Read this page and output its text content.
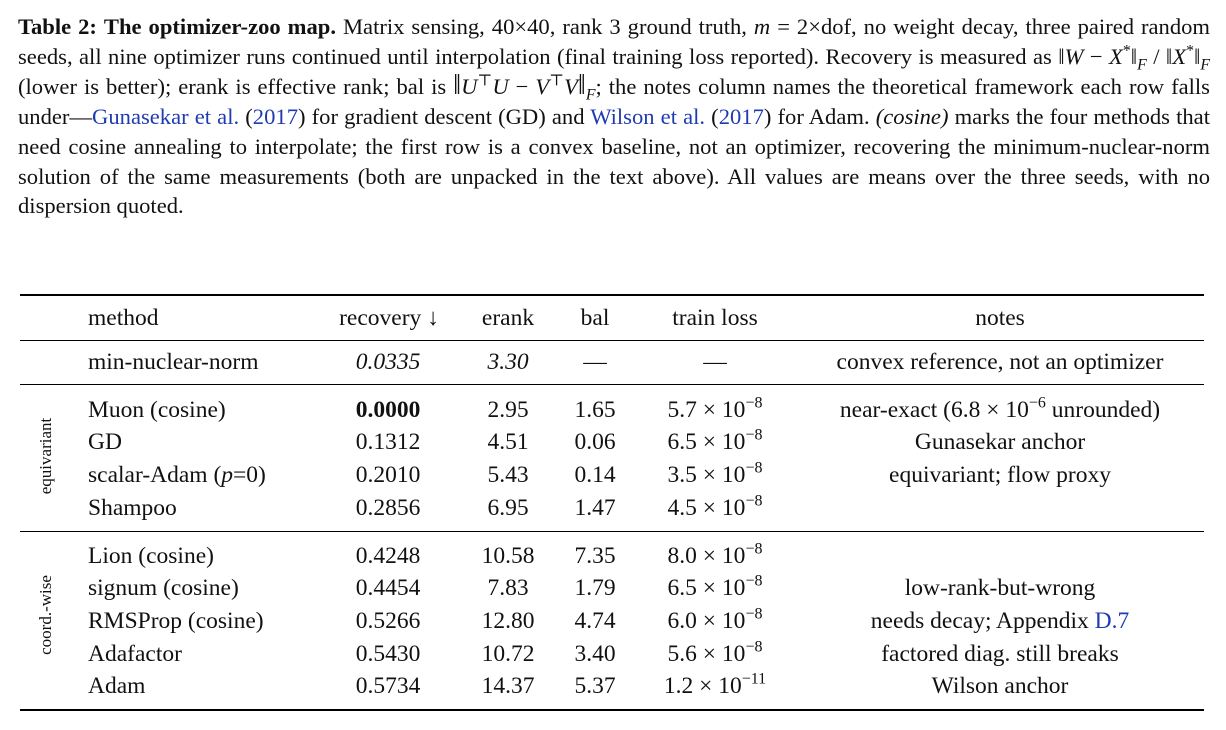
Table 2: The optimizer-zoo map. Matrix sensing, 40×40, rank 3 ground truth, m = 2×dof, no weight decay, three paired random seeds, all nine optimizer runs continued until interpolation (final training loss reported). Recovery is measured as ‖W − $X^*‖_F$ / $‖X^*‖_F$ (lower is better); erank is effective rank; bal is ‖U⊤U − $V^⊤V‖_F$; the notes column names the theoretical framework each row falls under—Gunasekar et al. (2017) for gradient descent (GD) and Wilson et al. (2017) for Adam. (cosine) marks the four methods that need cosine annealing to interpolate; the first row is a convex baseline, not an optimizer, recovering the minimum-nuclear-norm solution of the same measurements (both are unpacked in the text above). All values are means over the three seeds, with no dispersion quoted.
method	recovery ↓ erank bal	train loss	notes
min-nuclear-norm	0.0335	3.30 —	—	convex reference, not an optimizer
equivariant
coord.-wise
Muon (cosine)	0.0000	2.95 1.65 $5.7 \times 10^{-8}$	near-exact ($6.8 \times 10^{-6}$ unrounded)
GD	0.1312	4.51 0.06 $6.5 \times 10^{-8}$	Gunasekar anchor
scalar-Adam (p=0)	0.2010	5.43 0.14 $3.5 \times 10^{-8}$	equivariant; flow proxy
Shampoo	0.2856	6.95 1.47 $4.5 \times 10^{-8}$
Lion (cosine)	0.4248	10.58 7.35 $8.0 \times 10^{-8}$
signum (cosine)	0.4454	7.83 1.79 $6.5 \times 10^{-8}$	low-rank-but-wrong
RMSProp (cosine)	0.5266	12.80 4.74 $6.0 \times 10^{-8}$	needs decay; Appendix D.7
Adafactor	0.5430	10.72 3.40 $5.6 \times 10^{-8}$	factored diag. still breaks
Adam	0.5734	14.37 5.37 $1.2 \times 10^{-11}$	Wilson anchor
